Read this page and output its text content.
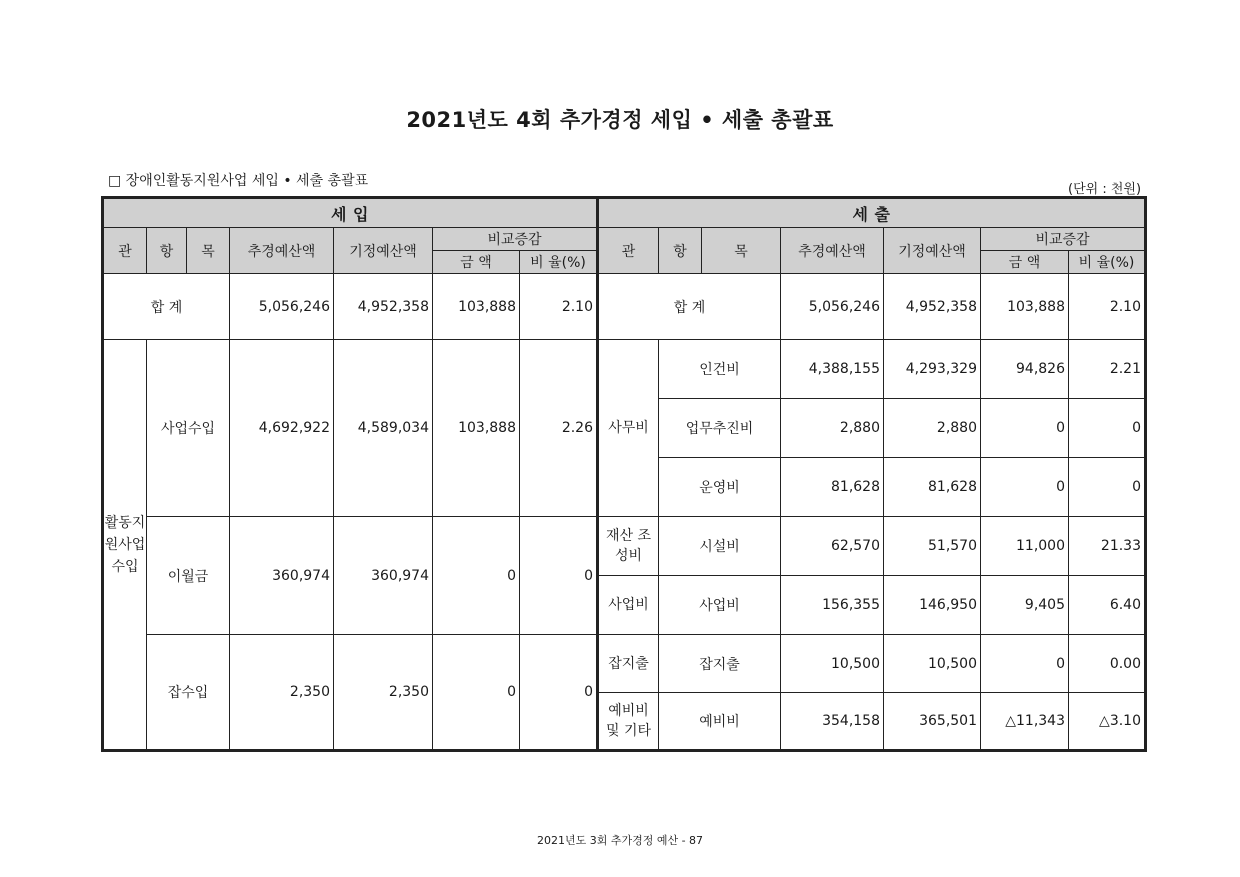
2021년도 4회 추가경정 세입 • 세출 총괄표
□ 장애인활동지원사업 세입 • 세출 총괄표
(단위 : 천원)
세 입							세 출						
관	항	목	추경예산액	기정예산액	비교증감		관	항	목	추경예산액	기정예산액	비교증감	
					금 액	비 율(%)						금 액	비 율(%)
합 계			5,056,246	4,952,358	103,888	2.10	합 계			5,056,246	4,952,358	103,888	2.10
활동지원사업수입	사업수입		4,692,922	4,589,034	103,888	2.26	사무비	인건비		4,388,155	4,293,329	94,826	2.21
								업무추진비		2,880	2,880	0	0
								운영비		81,628	81,628	0	0
	이월금		360,974	360,974	0	0	재산 조성비	시설비		62,570	51,570	11,000	21.33
							사업비	사업비		156,355	146,950	9,405	6.40
	잡수입		2,350	2,350	0	0	잡지출	잡지출		10,500	10,500	0	0.00
							예비비 및 기타	예비비		354,158	365,501	△11,343	△3.10
2021년도 3회 추가경정 예산 - 87
